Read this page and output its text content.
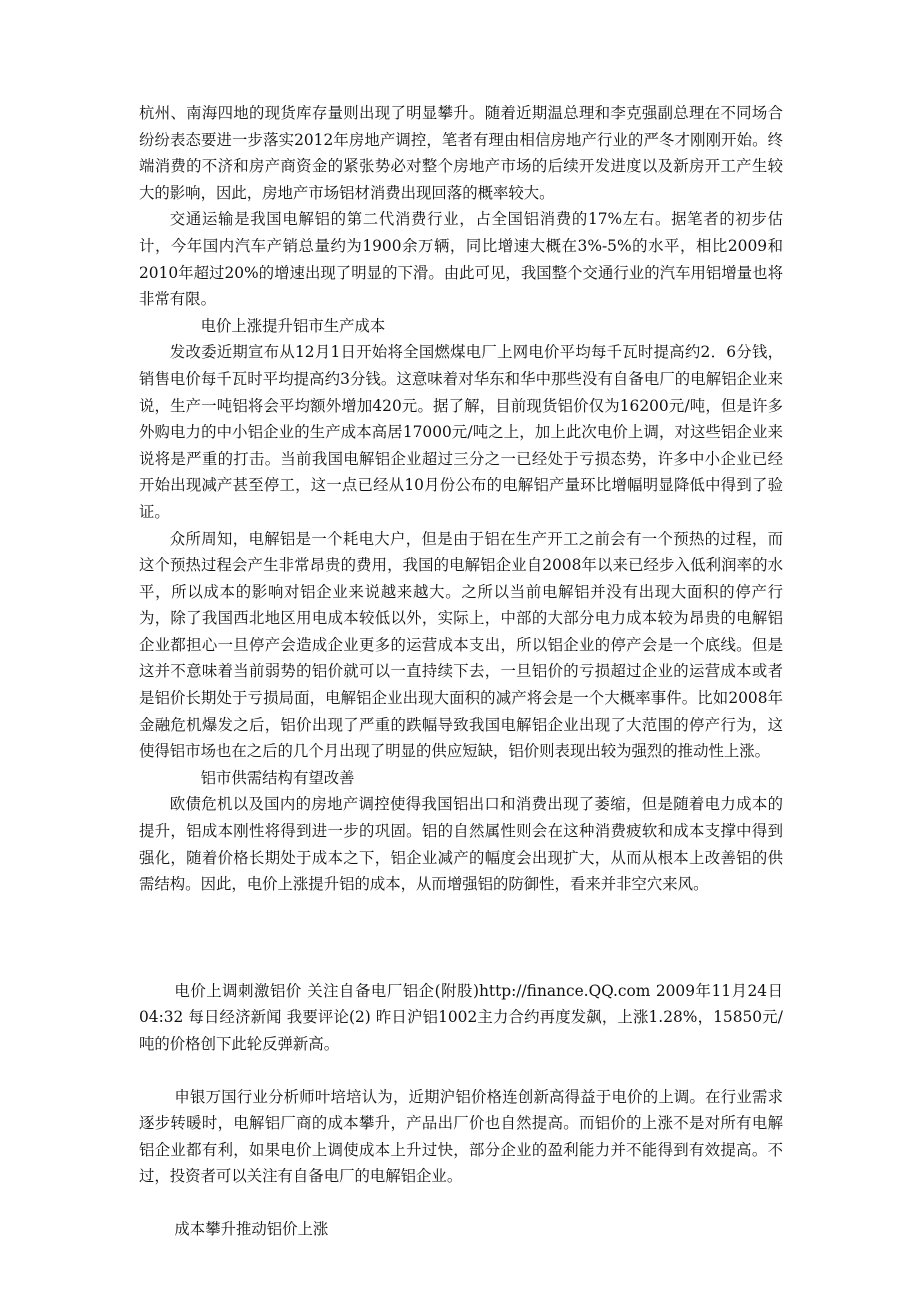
杭州、南海四地的现货库存量则出现了明显攀升。随着近期温总理和李克强副总理在不同场合纷纷表态要进一步落实2012年房地产调控，笔者有理由相信房地产行业的严冬才刚刚开始。终端消费的不济和房产商资金的紧张势必对整个房地产市场的后续开发进度以及新房开工产生较大的影响，因此，房地产市场铝材消费出现回落的概率较大。

交通运输是我国电解铝的第二代消费行业，占全国铝消费的17%左右。据笔者的初步估计，今年国内汽车产销总量约为1900余万辆，同比增速大概在3%-5%的水平，相比2009和2010年超过20%的增速出现了明显的下滑。由此可见，我国整个交通行业的汽车用铝增量也将非常有限。

电价上涨提升铝市生产成本

发改委近期宣布从12月1日开始将全国燃煤电厂上网电价平均每千瓦时提高约2．6分钱，销售电价每千瓦时平均提高约3分钱。这意味着对华东和华中那些没有自备电厂的电解铝企业来说，生产一吨铝将会平均额外增加420元。据了解，目前现货铝价仅为16200元/吨，但是许多外购电力的中小铝企业的生产成本高居17000元/吨之上，加上此次电价上调，对这些铝企业来说将是严重的打击。当前我国电解铝企业超过三分之一已经处于亏损态势，许多中小企业已经开始出现减产甚至停工，这一点已经从10月份公布的电解铝产量环比增幅明显降低中得到了验证。

众所周知，电解铝是一个耗电大户，但是由于铝在生产开工之前会有一个预热的过程，而这个预热过程会产生非常昂贵的费用，我国的电解铝企业自2008年以来已经步入低利润率的水平，所以成本的影响对铝企业来说越来越大。之所以当前电解铝并没有出现大面积的停产行为，除了我国西北地区用电成本较低以外，实际上，中部的大部分电力成本较为昂贵的电解铝企业都担心一旦停产会造成企业更多的运营成本支出，所以铝企业的停产会是一个底线。但是这并不意味着当前弱势的铝价就可以一直持续下去，一旦铝价的亏损超过企业的运营成本或者是铝价长期处于亏损局面，电解铝企业出现大面积的减产将会是一个大概率事件。比如2008年金融危机爆发之后，铝价出现了严重的跌幅导致我国电解铝企业出现了大范围的停产行为，这使得铝市场也在之后的几个月出现了明显的供应短缺，铝价则表现出较为强烈的推动性上涨。

铝市供需结构有望改善

欧债危机以及国内的房地产调控使得我国铝出口和消费出现了萎缩，但是随着电力成本的提升，铝成本刚性将得到进一步的巩固。铝的自然属性则会在这种消费疲软和成本支撑中得到强化，随着价格长期处于成本之下，铝企业减产的幅度会出现扩大，从而从根本上改善铝的供需结构。因此，电价上涨提升铝的成本，从而增强铝的防御性，看来并非空穴来风。

电价上调刺激铝价 关注自备电厂铝企(附股)http://finance.QQ.com 2009年11月24日 04:32 每日经济新闻 我要评论(2) 昨日沪铝1002主力合约再度发飙，上涨1.28%，15850元/吨的价格创下此轮反弹新高。

申银万国行业分析师叶培培认为，近期沪铝价格连创新高得益于电价的上调。在行业需求逐步转暖时，电解铝厂商的成本攀升，产品出厂价也自然提高。而铝价的上涨不是对所有电解铝企业都有利，如果电价上调使成本上升过快，部分企业的盈利能力并不能得到有效提高。不过，投资者可以关注有自备电厂的电解铝企业。

成本攀升推动铝价上涨
